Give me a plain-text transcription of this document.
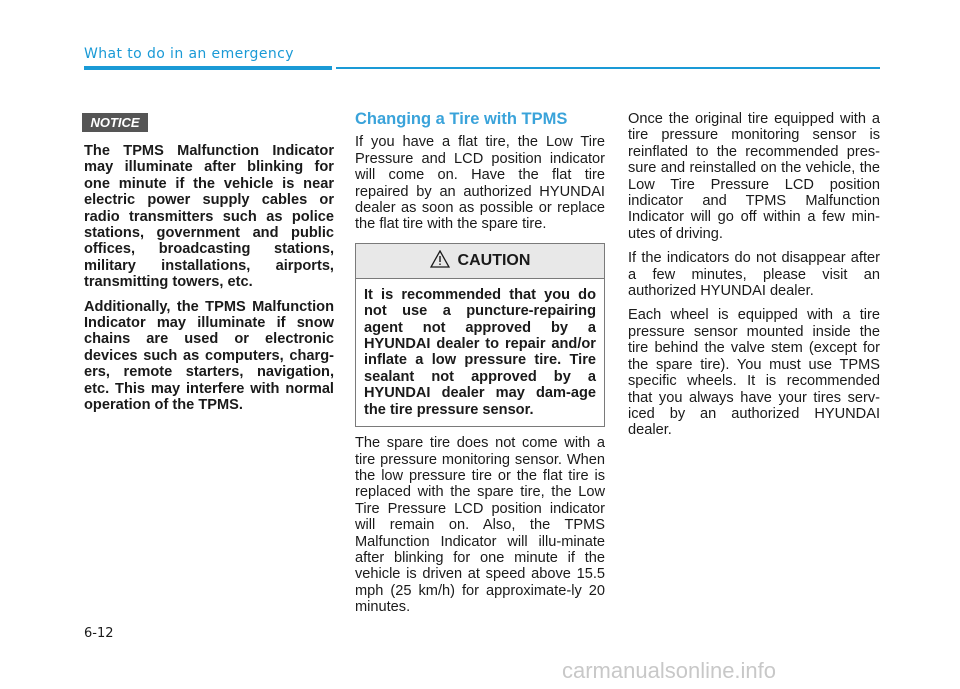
What to do in an emergency
NOTICE

The TPMS Malfunction Indicator may illuminate after blinking for one minute if the vehicle is near electric power supply cables or radio transmitters such as police stations, government and public offices, broadcasting stations, military installations, airports, transmitting towers, etc.

Additionally, the TPMS Malfunction Indicator may illuminate if snow chains are used or electronic devices such as computers, charg-ers, remote starters, navigation, etc. This may interfere with normal operation of the TPMS.

Changing a Tire with TPMS

If you have a flat tire, the Low Tire Pressure and LCD position indicator will come on. Have the flat tire repaired by an authorized HYUNDAI dealer as soon as possible or replace the flat tire with the spare tire.

CAUTION

It is recommended that you do not use a puncture-repairing agent not approved by a HYUNDAI dealer to repair and/or inflate a low pressure tire. Tire sealant not approved by a HYUNDAI dealer may dam-age the tire pressure sensor.

The spare tire does not come with a tire pressure monitoring sensor. When the low pressure tire or the flat tire is replaced with the spare tire, the Low Tire Pressure LCD position indicator will remain on. Also, the TPMS Malfunction Indicator will illu-minate after blinking for one minute if the vehicle is driven at speed above 15.5 mph (25 km/h) for approximate-ly 20 minutes.

Once the original tire equipped with a tire pressure monitoring sensor is reinflated to the recommended pres-sure and reinstalled on the vehicle, the Low Tire Pressure LCD position indicator and TPMS Malfunction Indicator will go off within a few min-utes of driving.

If the indicators do not disappear after a few minutes, please visit an authorized HYUNDAI dealer.

Each wheel is equipped with a tire pressure sensor mounted inside the tire behind the valve stem (except for the spare tire). You must use TPMS specific wheels. It is recommended that you always have your tires serv-iced by an authorized HYUNDAI dealer.

6-12
carmanualsonline.info
